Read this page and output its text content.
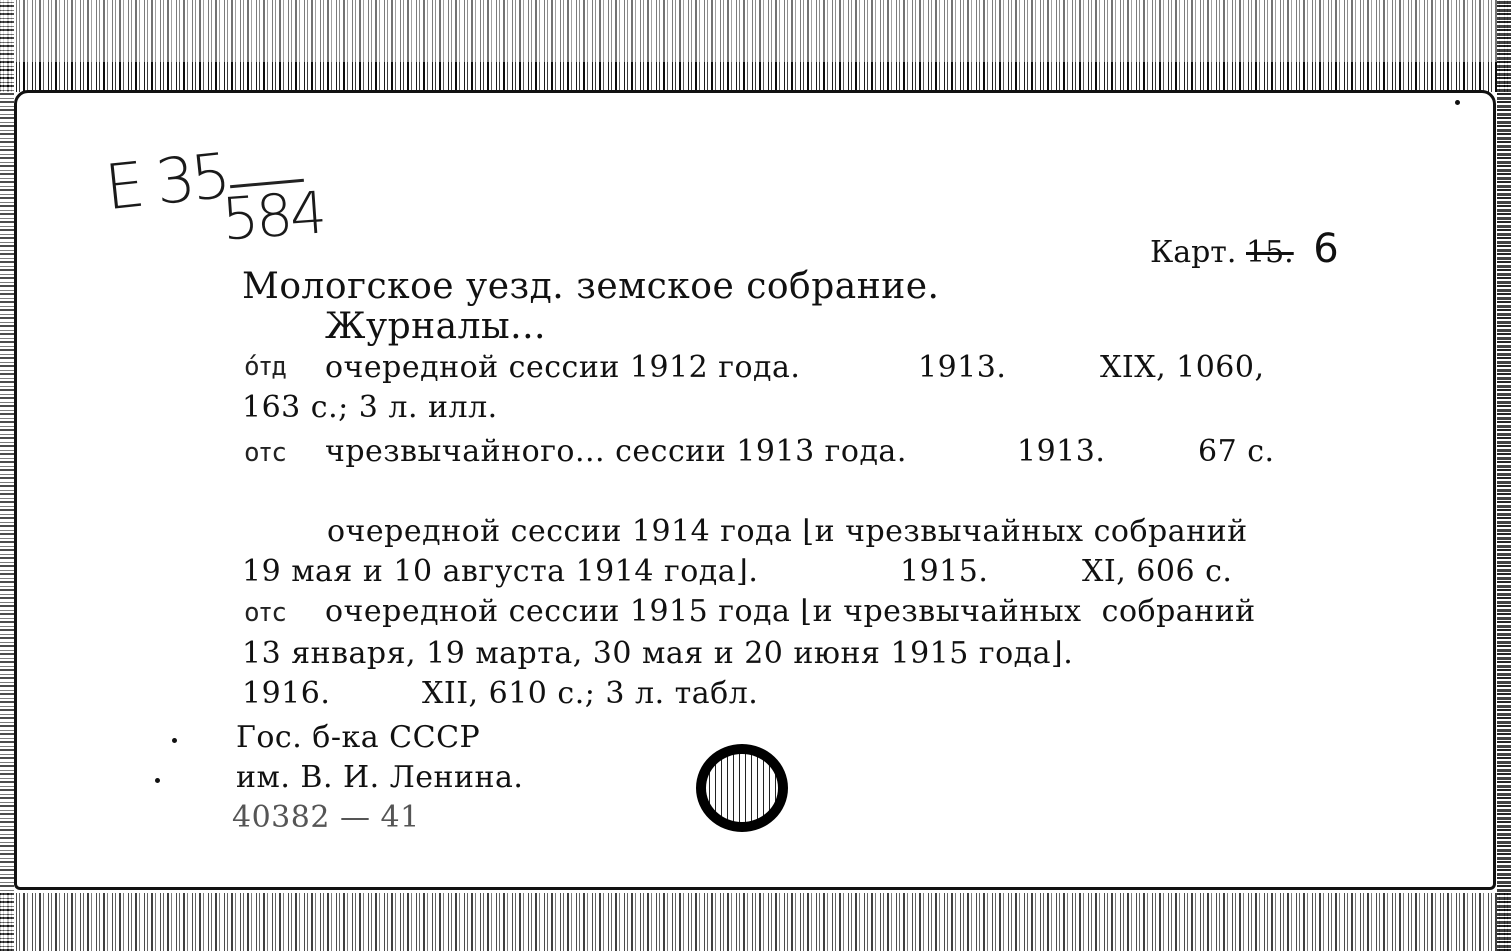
E 35
584	Карт. 15. 6
Мологское уезд. земское собрание.
Журналы...
о́тд очередной сессии 1912 года.	1913.	XIX, 1060,
163 с.; 3 л. илл.
отс чрезвычайного... сессии 1913 года.	1913.	67 с.
очередной сессии 1914 года ⌊и чрезвычайных собраний
19 мая и 10 августа 1914 года⌋.	1915.	XI, 606 с.
отс очередной сессии 1915 года ⌊и чрезвычайных  собраний
13 января, 19 марта, 30 мая и 20 июня 1915 года⌋.
1916.	XII, 610 с.; 3 л. табл.
Гос. б-ка СССР
им. В. И. Ленина.
40382 — 41
